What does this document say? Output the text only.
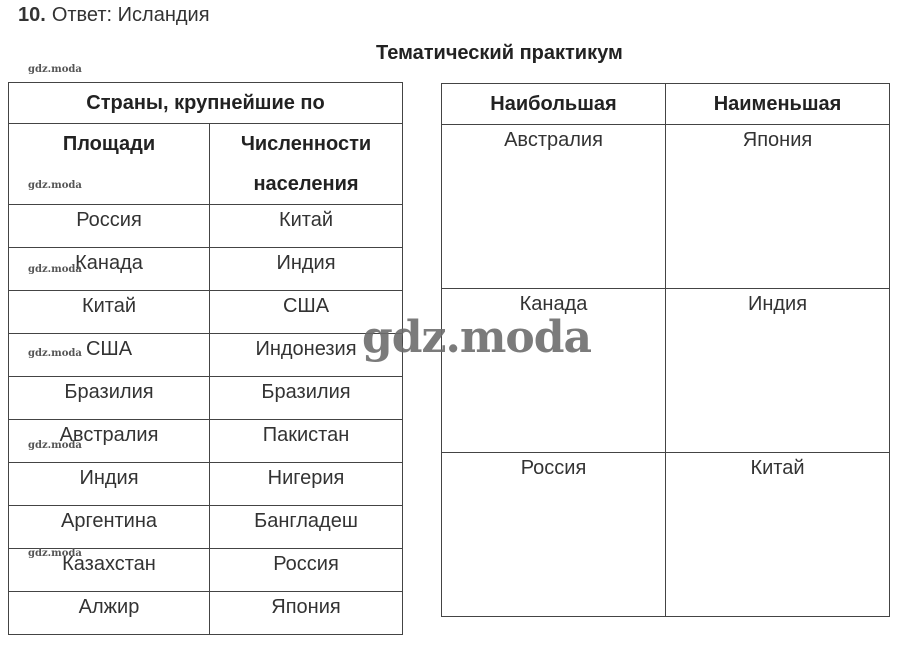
10. Ответ: Исландия
Тематический практикум
Страны, крупнейшие по	
Площади	Численности населения
Россия	Китай
Канада	Индия
Китай	США
США	Индонезия
Бразилия	Бразилия
Австралия	Пакистан
Индия	Нигерия
Аргентина	Бангладеш
Казахстан	Россия
Алжир	Япония
Наибольшая	Наименьшая
Австралия	Япония
Канада	Индия
Россия	Китай
gdz.moda
gdz.moda
gdz.moda
gdz.moda
gdz.moda
gdz.moda
gdz.moda
